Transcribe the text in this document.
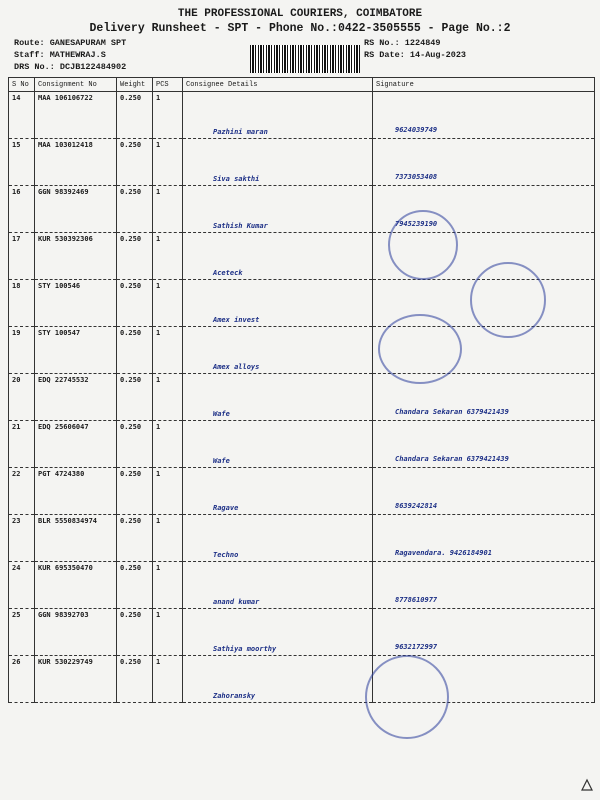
THE PROFESSIONAL COURIERS, COIMBATORE
Delivery Runsheet - SPT - Phone No.:0422-3505555 - Page No.:2
Route: GANESAPURAM SPT
Staff: MATHEWRAJ.S
DRS No.: DCJB122484902
RS No.: 1224849
RS Date: 14-Aug-2023
S No	Consignment No	Weight	PCS	Consignee Details	Signature
14	MAA 106106722	0.250	1	Pazhini maran	9624039749

15	MAA 103012418	0.250	1	Siva sakthi	7373053408

16	GGN 98392469	0.250	1	Sathish Kumar	7945239190

17	KUR 530392306	0.250	1	Aceteck	

18	STY 100546	0.250	1	Amex invest	

19	STY 100547	0.250	1	Amex alloys	

20	EDQ 22745532	0.250	1	Wafe	Chandara Sekaran 6379421439

21	EDQ 25606047	0.250	1	Wafe	Chandara Sekaran 6379421439

22	PGT 4724380	0.250	1	Ragave	8639242814

23	BLR 5550834974	0.250	1	Techno	Ragavendara. 9426184901

24	KUR 695350470	0.250	1	anand kumar	8778610977

25	GGN 98392703	0.250	1	Sathiya moorthy	9632172997

26	KUR 530229749	0.250	1	Zahoransky	
